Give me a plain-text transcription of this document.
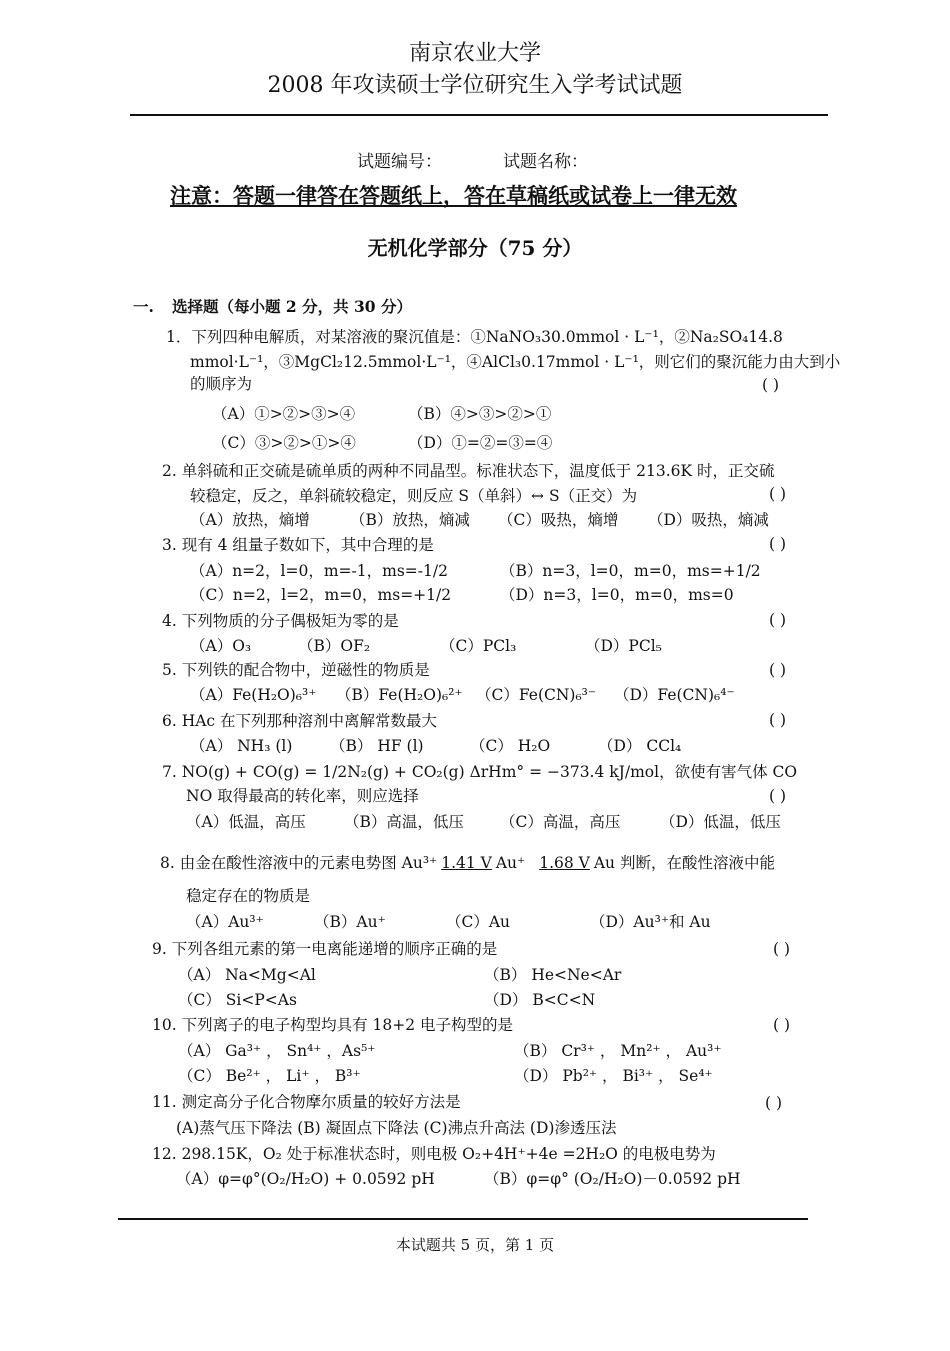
南京农业大学
2008 年攻读硕士学位研究生入学考试试题
试题编号：	试题名称：
注意：答题一律答在答题纸上，答在草稿纸或试卷上一律无效
无机化学部分（75 分）
一. 选择题（每小题 2 分，共 30 分）
1．下列四种电解质，对某溶液的聚沉值是：①NaNO₃30.0mmol · L⁻¹，②Na₂SO₄14.8
mmol·L⁻¹，③MgCl₂12.5mmol·L⁻¹，④AlCl₃0.17mmol · L⁻¹，则它们的聚沉能力由大到小
的顺序为	( )
（A）①>②>③>④	（B）④>③>②>①
（C）③>②>①>④	（D）①=②=③=④
2. 单斜硫和正交硫是硫单质的两种不同晶型。标准状态下，温度低于 213.6K 时，正交硫
较稳定，反之，单斜硫较稳定，则反应 S（单斜）↔ S（正交）为	( )
（A）放热，熵增	（B）放热，熵减 （C）吸热，熵增 （D）吸热，熵减
3. 现有 4 组量子数如下，其中合理的是	( )
（A）n=2，l=0，m=-1，ms=-1/2	（B）n=3，l=0，m=0，ms=+1/2
（C）n=2，l=2，m=0，ms=+1/2	（D）n=3，l=0，m=0，ms=0
4. 下列物质的分子偶极矩为零的是	( )
（A）O₃	（B）OF₂	（C）PCl₃	（D）PCl₅
5. 下列铁的配合物中，逆磁性的物质是	( )
（A）Fe(H₂O)₆³⁺ （B）Fe(H₂O)₆²⁺ （C）Fe(CN)₆³⁻ （D）Fe(CN)₆⁴⁻
6. HAc 在下列那种溶剂中离解常数最大	( )
（A） NH₃ (l) （B） HF (l)	（C） H₂O	（D） CCl₄
7. NO(g) + CO(g) = 1/2N₂(g) + CO₂(g) ΔrHm° = −373.4 kJ/mol，欲使有害气体 CO
NO 取得最高的转化率，则应选择	( )
（A）低温，高压 （B）高温，低压 （C）高温，高压	（D）低温，低压
8. 由金在酸性溶液中的元素电势图 Au³⁺ 1.41 V Au⁺ 1.68 V Au 判断，在酸性溶液中能
稳定存在的物质是
（A）Au³⁺	（B）Au⁺	（C）Au	（D）Au³⁺和 Au
9. 下列各组元素的第一电离能递增的顺序正确的是	( )
（A） Na<Mg<Al	（B） He<Ne<Ar
（C） Si<P<As	（D） B<C<N
10. 下列离子的电子构型均具有 18+2 电子构型的是	( )
（A） Ga³⁺ ， Sn⁴⁺ ，As⁵⁺	（B） Cr³⁺ ， Mn²⁺ ， Au³⁺
（C） Be²⁺ ， Li⁺ ， B³⁺	（D） Pb²⁺ ， Bi³⁺ ， Se⁴⁺
11. 测定高分子化合物摩尔质量的较好方法是	( )
(A)蒸气压下降法 (B) 凝固点下降法 (C)沸点升高法 (D)渗透压法
12. 298.15K，O₂ 处于标准状态时，则电极 O₂+4H⁺+4e =2H₂O 的电极电势为
（A）φ=φ°(O₂/H₂O) + 0.0592 pH	（B）φ=φ° (O₂/H₂O)－0.0592 pH
本试题共 5 页，第 1 页
